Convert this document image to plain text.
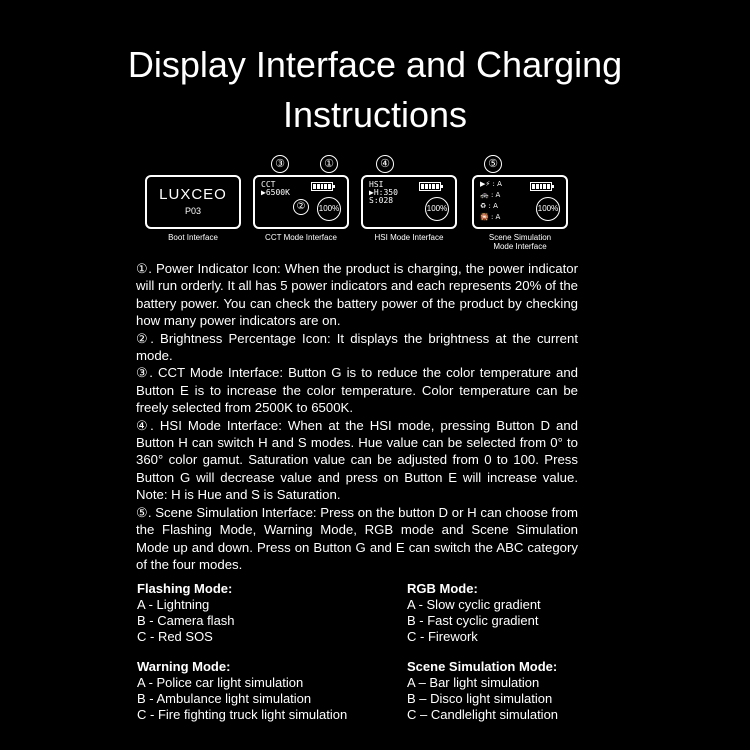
Display Interface and Charging
Instructions
③	①	④	⑤
LUXCEO
P03
Boot Interface
CCT
▶6500K
②	100%
CCT Mode Interface
HSI
▶H:350
S:028
100%
HSI Mode Interface
▶⚡ : A
🚓 : A
♻ : A
🎇 : A
100%
Scene Simulation
Mode Interface

①. Power Indicator Icon: When the product is charging, the power indicator will run orderly. It all has 5 power indicators and each represents 20% of the battery power. You can check the battery power of the product by checking how many power indicators are on.

②. Brightness Percentage Icon: It displays the brightness at the current mode.

③. CCT Mode Interface: Button G is to reduce the color temperature and Button E is to increase the color temperature. Color temperature can be freely selected from 2500K to 6500K.

④. HSI Mode Interface: When at the HSI mode, pressing Button D and Button H can switch H and S modes. Hue value can be selected from 0° to 360° color gamut. Saturation value can be adjusted from 0 to 100. Press Button G will decrease value and press on Button E will increase value. Note: H is Hue and S is Saturation.

⑤. Scene Simulation Interface: Press on the button D or H can choose from the Flashing Mode, Warning Mode, RGB mode and Scene Simulation Mode up and down. Press on Button G and E can switch the ABC category of the four modes.

Flashing Mode:
A - Lightning
B - Camera flash
C - Red SOS
Warning Mode:
A - Police car light simulation
B - Ambulance light simulation
C - Fire fighting truck light simulation
RGB Mode:
A - Slow cyclic gradient
B - Fast cyclic gradient
C - Firework
Scene Simulation Mode:
A – Bar light simulation
B – Disco light simulation
C – Candlelight simulation
